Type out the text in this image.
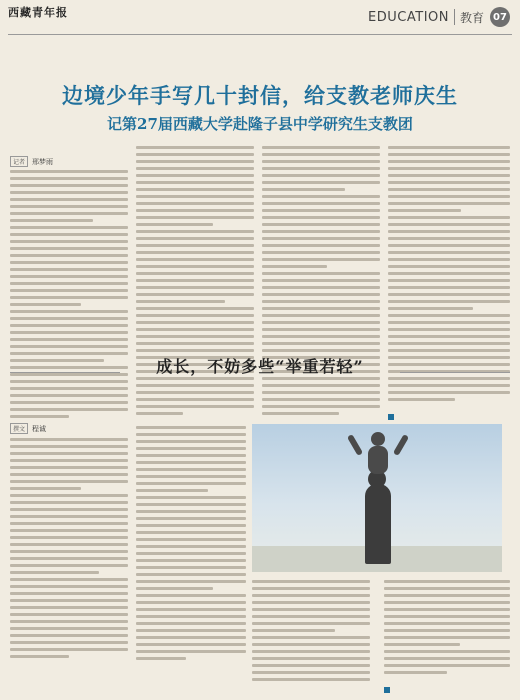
西藏青年报	EDUCATION 教育 07
边境少年手写几十封信，给支教老师庆生
记第27届西藏大学赴隆子县中学研究生支教团
记者	邢梦雨
成长，不妨多些“举重若轻”
撰文	程诚
